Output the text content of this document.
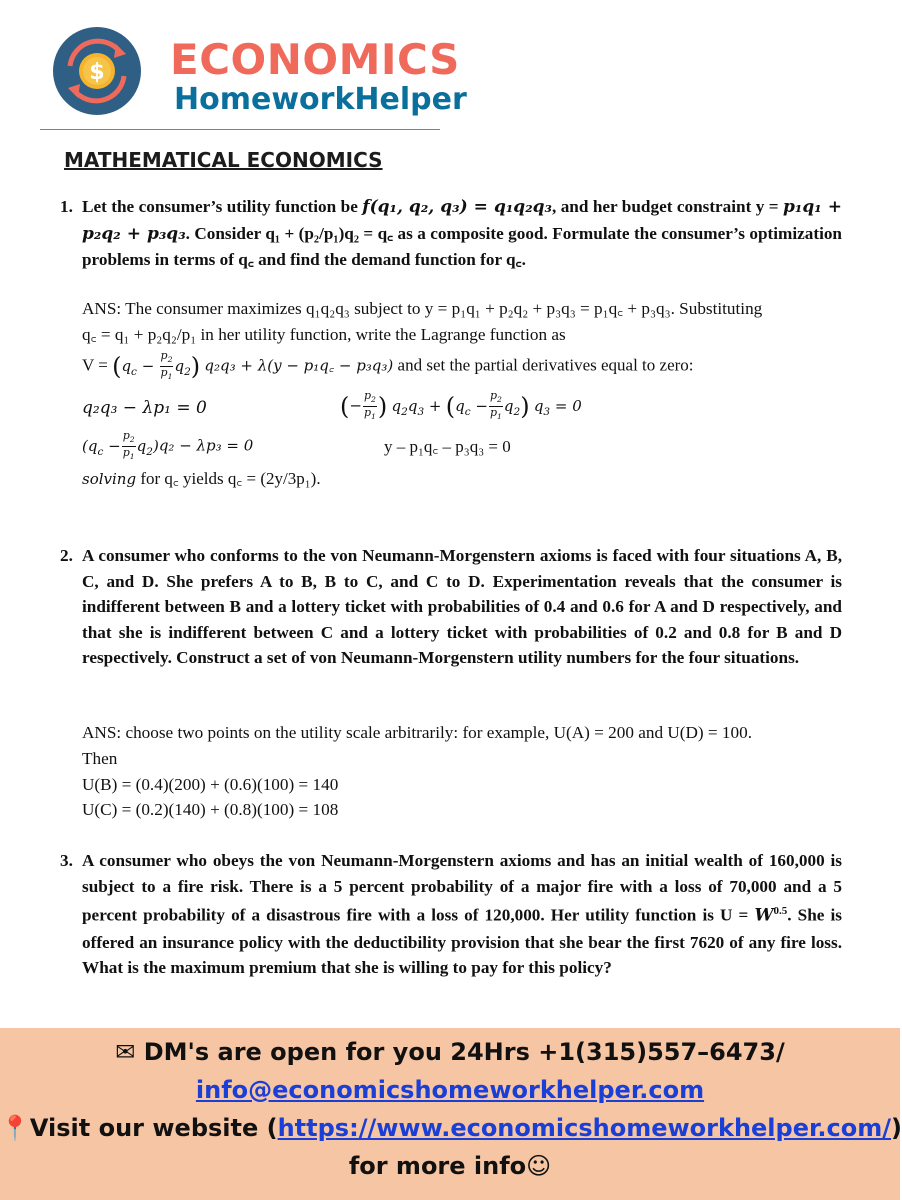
$ ECONOMICS
HomeworkHelper
MATHEMATICAL ECONOMICS
1. Let the consumer’s utility function be f(q₁, q₂, q₃) = q₁q₂q₃, and her budget constraint y = p₁q₁ + p₂q₂ + p₃q₃. Consider q₁ + (p₂/p₁)q₂ = q꜀ as a composite good. Formulate the consumer’s optimization problems in terms of q꜀ and find the demand function for q꜀.
ANS: The consumer maximizes q₁q₂q₃ subject to y = p₁q₁ + p₂q₂ + p₃q₃ = p₁q꜀ + p₃q₃. Substituting
q꜀ = q₁ + p₂q₂/p₁ in her utility function, write the Lagrange function as
$V = (q_c - \frac{p_2}{p_1} q_2) q_2q_3 + \lambda(y$ − p₁q꜀ − p₃q₃) and set the partial derivatives equal to zero:
q₂q₃ − λp₁ = 0	(− $\frac{p_2}{p_1}$ ) $q_2q_3 + (q_c - \frac{p_2}{p_1} q_2) q_3 = 0$
$(q_c - \frac{p_2}{p_1} q_2)q_2 - \lambda p_3 = 0$	y – p₁q꜀ – p₃q₃ = 0
solving for q꜀ yields q꜀ = (2y/3p₁).
2. A consumer who conforms to the von Neumann-Morgenstern axioms is faced with four situations A, B, C, and D. She prefers A to B, B to C, and C to D. Experimentation reveals that the consumer is indifferent between B and a lottery ticket with probabilities of 0.4 and 0.6 for A and D respectively, and that she is indifferent between C and a lottery ticket with probabilities of 0.2 and 0.8 for B and D respectively. Construct a set of von Neumann-Morgenstern utility numbers for the four situations.
ANS: choose two points on the utility scale arbitrarily: for example, U(A) = 200 and U(D) = 100.
Then
U(B) = (0.4)(200) + (0.6)(100) = 140
U(C) = (0.2)(140) + (0.8)(100) = 108
3. A consumer who obeys the von Neumann-Morgenstern axioms and has an initial wealth of 160,000 is subject to a fire risk. There is a 5 percent probability of a major fire with a loss of 70,000 and a 5 percent probability of a disastrous fire with a loss of 120,000. Her utility function is $U = W^{0.5}$. She is offered an insurance policy with the deductibility provision that she bear the first 7620 of any fire loss. What is the maximum premium that she is willing to pay for this policy?
✉ DM's are open for you 24Hrs +1(315)557–6473/
info@economicshomeworkhelper.com
📍Visit our website (https://www.economicshomeworkhelper.com/)
for more info☺
